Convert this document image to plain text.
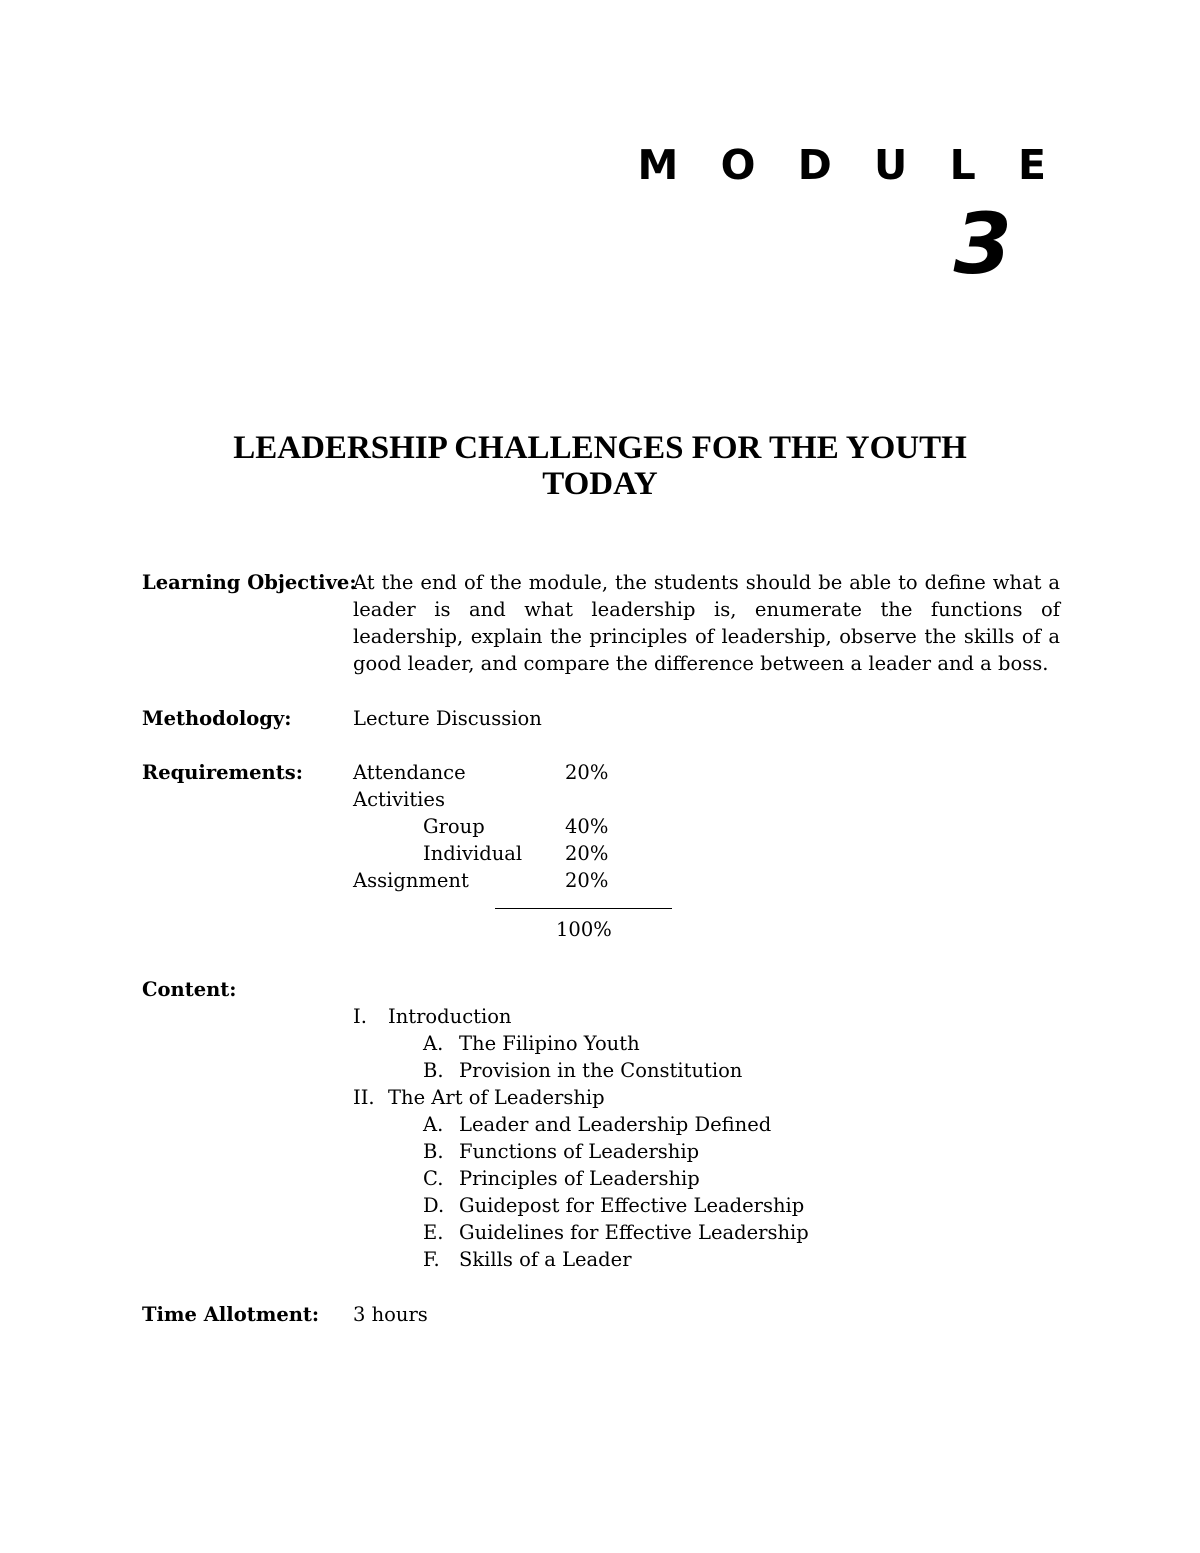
M O D U L E
3
LEADERSHIP CHALLENGES FOR THE YOUTH
TODAY
Learning Objective:
At the end of the module, the students should be able to define what a leader is and what leadership is, enumerate the functions of leadership, explain the principles of leadership, observe the skills of a good leader, and compare the difference between a leader and a boss.
Methodology:	Lecture Discussion
Requirements:	Attendance	20%
Activities
Group	40%
Individual 20%
Assignment	20%
100%
Content:
I. Introduction
A. The Filipino Youth
B. Provision in the Constitution
II. The Art of Leadership
A. Leader and Leadership Defined
B. Functions of Leadership
C. Principles of Leadership
D. Guidepost for Effective Leadership
E. Guidelines for Effective Leadership
F. Skills of a Leader
Time Allotment: 3 hours
